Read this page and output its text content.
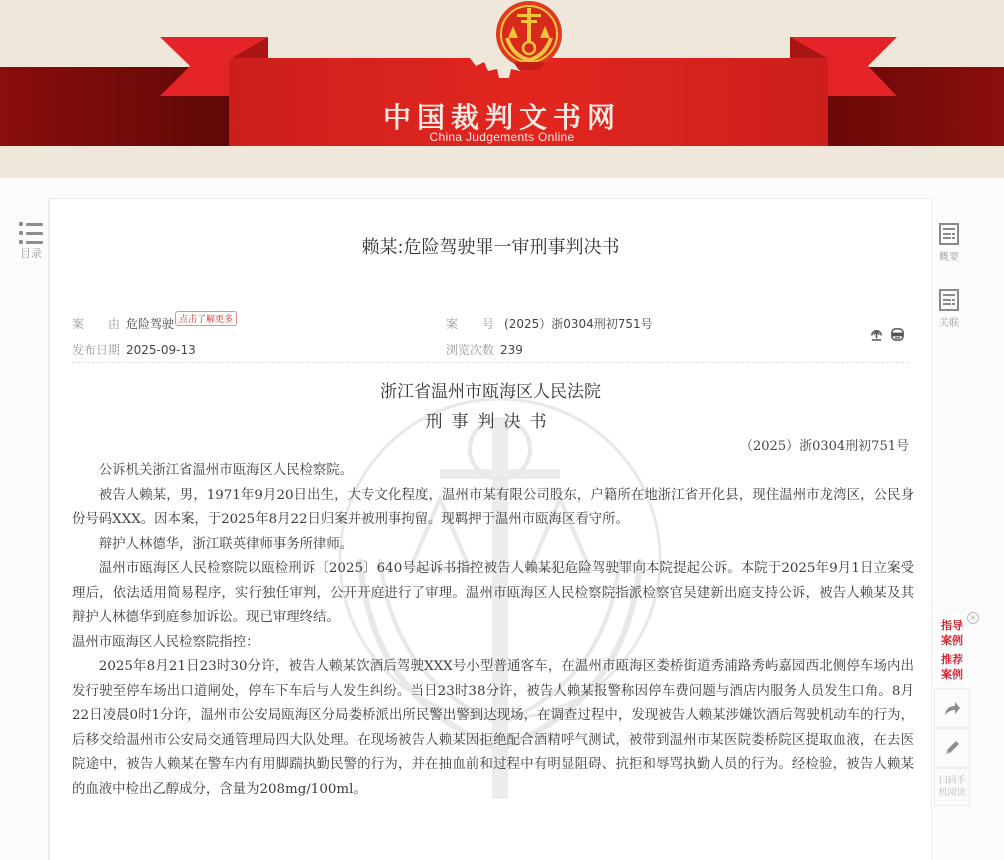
中国裁判文书网
China Judgements Online
目录	赖某:危险驾驶罪一审刑事判决书
案　　由 危险驾驶 点击了解更多
发布日期 2025-09-13
案　　号 (2025）浙0304刑初751号
浏览次数 239
浙江省温州市瓯海区人民法院
刑事判决书
（2025）浙0304刑初751号

公诉机关浙江省温州市瓯海区人民检察院。

被告人赖某，男，1971年9月20日出生，大专文化程度，温州市某有限公司股东，户籍所在地浙江省开化县，现住温州市龙湾区，公民身份号码XXX。因本案，于2025年8月22日归案并被刑事拘留。现羁押于温州市瓯海区看守所。

辩护人林德华，浙江联英律师事务所律师。

温州市瓯海区人民检察院以瓯检刑诉〔2025〕640号起诉书指控被告人赖某犯危险驾驶罪向本院提起公诉。本院于2025年9月1日立案受理后，依法适用简易程序，实行独任审判，公开开庭进行了审理。温州市瓯海区人民检察院指派检察官吴建新出庭支持公诉，被告人赖某及其辩护人林德华到庭参加诉讼。现已审理终结。

温州市瓯海区人民检察院指控：

2025年8月21日23时30分许，被告人赖某饮酒后驾驶XXX号小型普通客车，在温州市瓯海区娄桥街道秀浦路秀屿嘉园西北侧停车场内出发行驶至停车场出口道闸处，停车下车后与人发生纠纷。当日23时38分许，被告人赖某报警称因停车费问题与酒店内服务人员发生口角。8月22日凌晨0时1分许，温州市公安局瓯海区分局娄桥派出所民警出警到达现场，在调查过程中，发现被告人赖某涉嫌饮酒后驾驶机动车的行为，后移交给温州市公安局交通管理局四大队处理。在现场被告人赖某因拒绝配合酒精呼气测试，被带到温州市某医院娄桥院区提取血液，在去医院途中，被告人赖某在警车内有用脚踹执勤民警的行为，并在抽血前和过程中有明显阻碍、抗拒和辱骂执勤人员的行为。经检验，被告人赖某的血液中检出乙醇成分，含量为208mg/100ml。

概要
关联
×
指导
案例
推荐
案例
扫码手
机阅读
